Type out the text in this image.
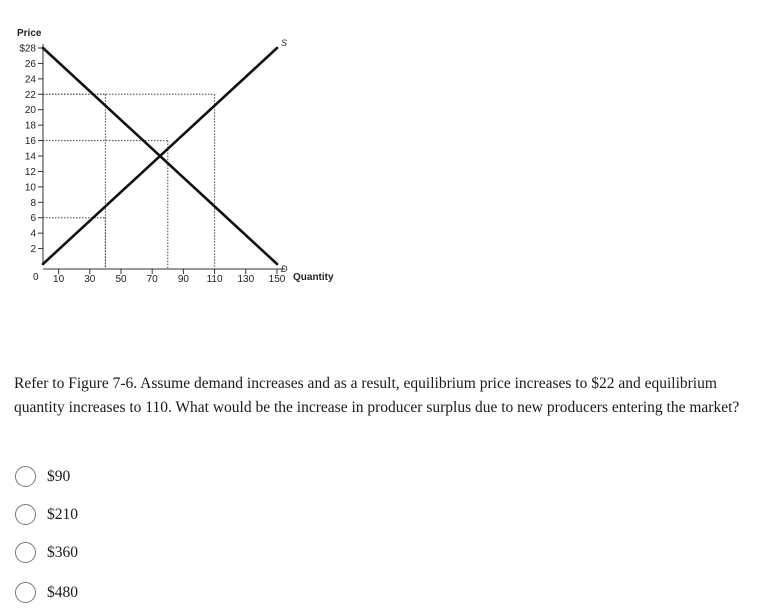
Price
$28
26
24
22
20
18
16
14
12
10
8
6
4
2
10 30 50 70 90 110 130 150
0	Quantity
S
D

Refer to Figure 7-6. Assume demand increases and as a result, equilibrium price increases to $22 and equilibrium quantity increases to 110. What would be the increase in producer surplus due to new producers entering the market?

$90
$210
$360
$480
